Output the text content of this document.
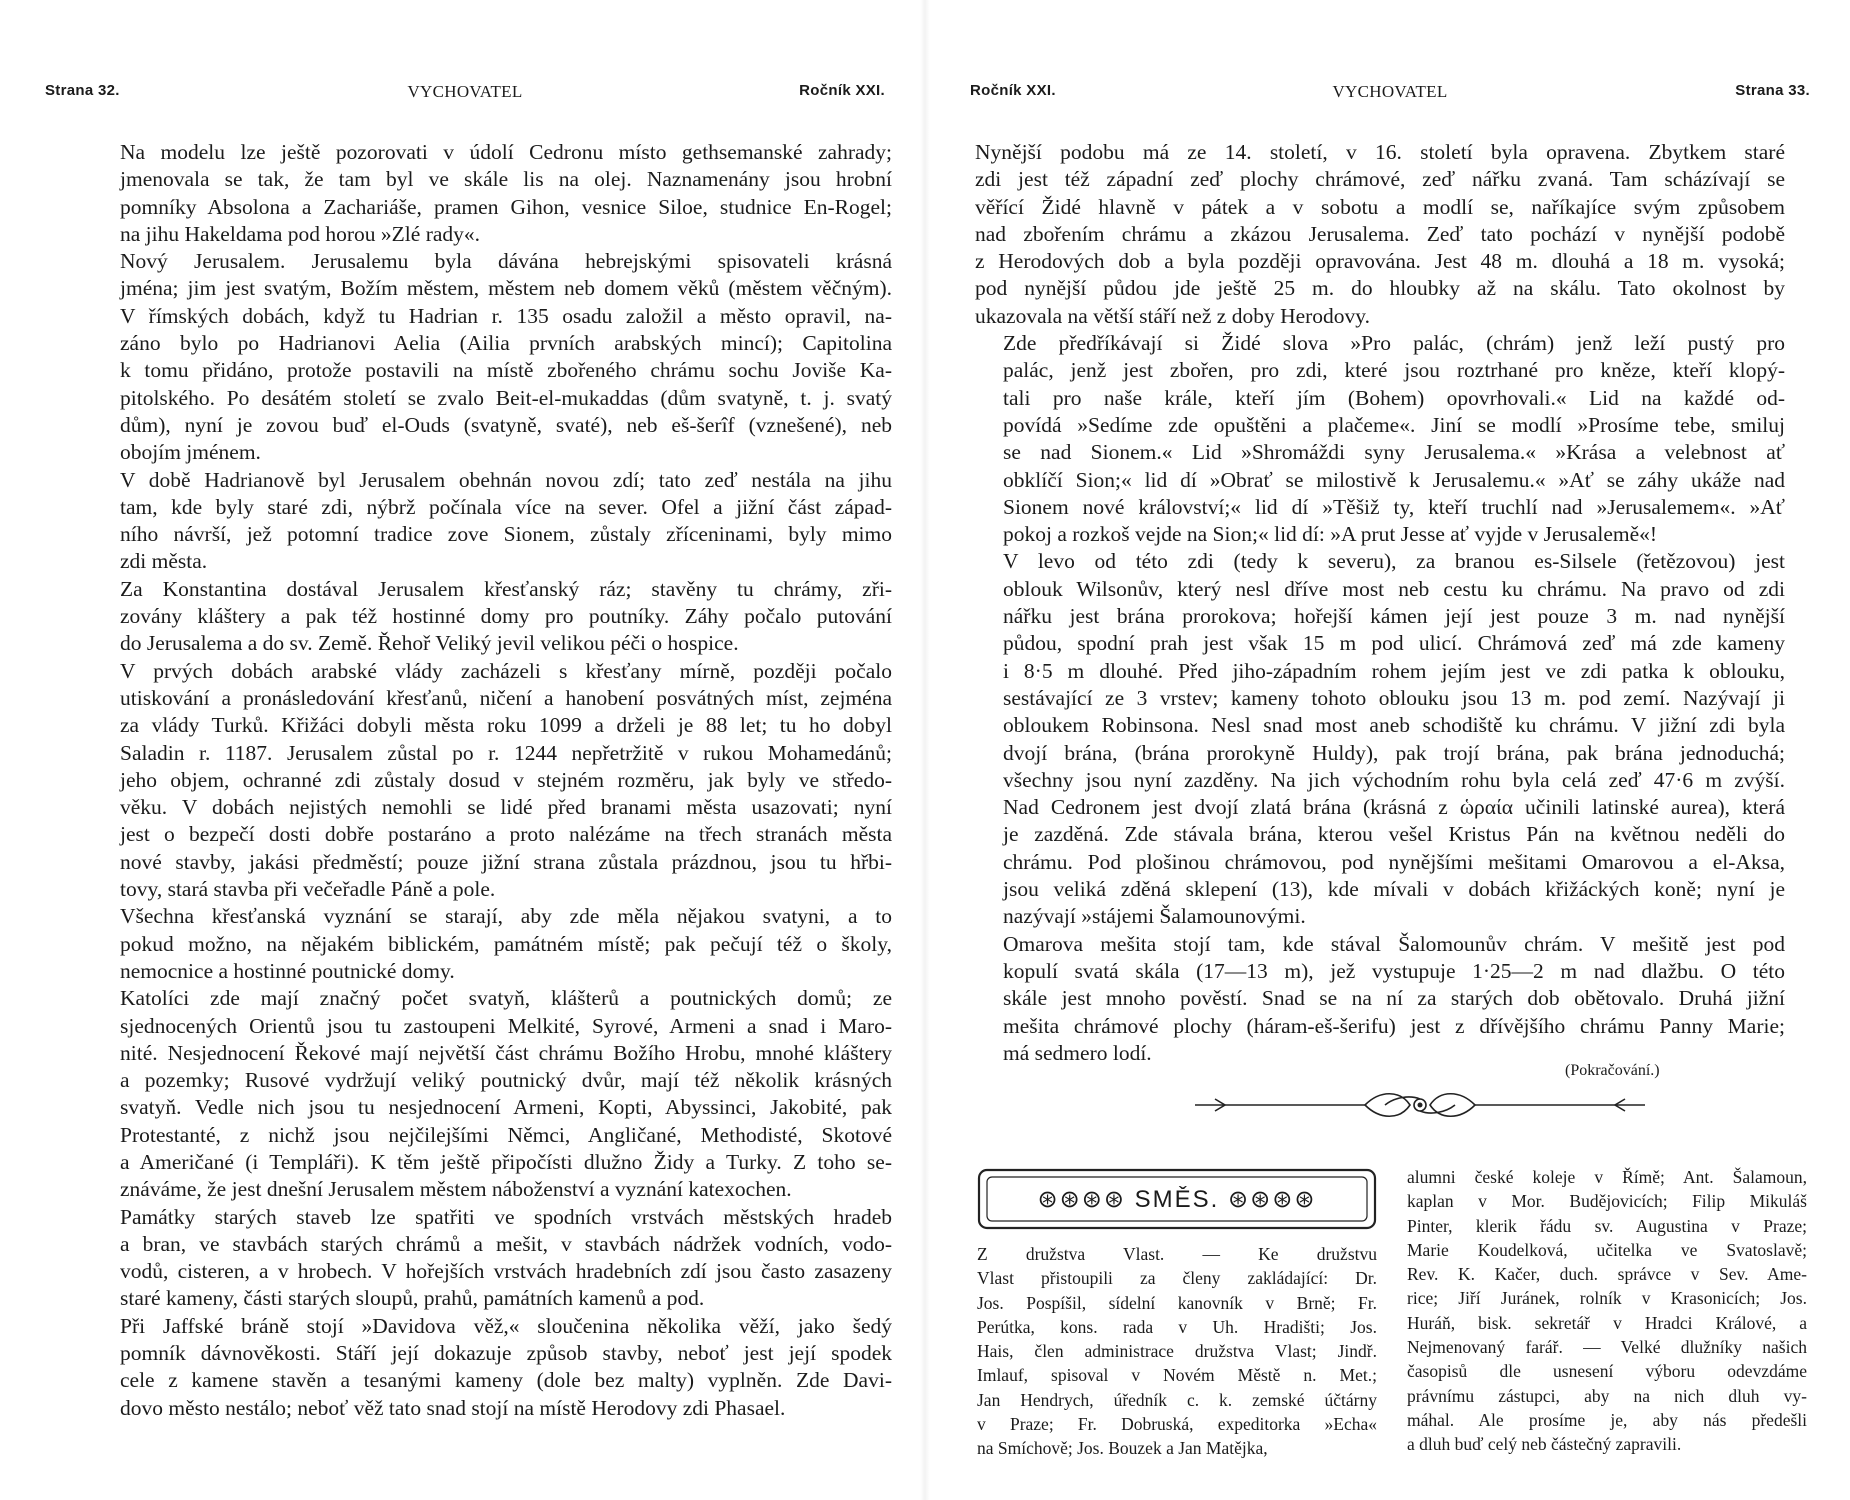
Strana 32.	VYCHOVATEL	Ročník XXI.

Na modelu lze ještě pozorovati v údolí Cedronu místo gethsemanské zahrady;
jmenovala se tak, že tam byl ve skále lis na olej. Naznamenány jsou hrobní
pomníky Absolona a Zachariáše, pramen Gihon, vesnice Siloe, studnice En-Rogel;
na jihu Hakeldama pod horou »Zlé rady«.

Nový Jerusalem. Jerusalemu byla dávána hebrejskými spisovateli krásná
jména; jim jest svatým, Božím městem, městem neb domem věků (městem věčným).
V římských dobách, když tu Hadrian r. 135 osadu založil a město opravil, na-
záno bylo po Hadrianovi Aelia (Ailia prvních arabských mincí); Capitolina
k tomu přidáno, protože postavili na místě zbořeného chrámu sochu Joviše Ka-
pitolského. Po desátém století se zvalo Beit-el-mukaddas (dům svatyně, t. j. svatý
dům), nyní je zovou buď el-Ouds (svatyně, svaté), neb eš-šerîf (vznešené), neb
obojím jménem.

V době Hadrianově byl Jerusalem obehnán novou zdí; tato zeď nestála na jihu
tam, kde byly staré zdi, nýbrž počínala více na sever. Ofel a jižní část západ-
ního návrší, jež potomní tradice zove Sionem, zůstaly zříceninami, byly mimo
zdi města.

Za Konstantina dostával Jerusalem křesťanský ráz; stavěny tu chrámy, zři-
zovány kláštery a pak též hostinné domy pro poutníky. Záhy počalo putování
do Jerusalema a do sv. Země. Řehoř Veliký jevil velikou péči o hospice.

V prvých dobách arabské vlády zacházeli s křesťany mírně, později počalo
utiskování a pronásledování křesťanů, ničení a hanobení posvátných míst, zejména
za vlády Turků. Křižáci dobyli města roku 1099 a drželi je 88 let; tu ho dobyl
Saladin r. 1187. Jerusalem zůstal po r. 1244 nepřetržitě v rukou Mohamedánů;
jeho objem, ochranné zdi zůstaly dosud v stejném rozměru, jak byly ve středo-
věku. V dobách nejistých nemohli se lidé před branami města usazovati; nyní
jest o bezpečí dosti dobře postaráno a proto nalézáme na třech stranách města
nové stavby, jakási předměstí; pouze jižní strana zůstala prázdnou, jsou tu hřbi-
tovy, stará stavba při večeřadle Páně a pole.

Všechna křesťanská vyznání se starají, aby zde měla nějakou svatyni, a to
pokud možno, na nějakém biblickém, památném místě; pak pečují též o školy,
nemocnice a hostinné poutnické domy.

Katolíci zde mají značný počet svatyň, klášterů a poutnických domů; ze
sjednocených Orientů jsou tu zastoupeni Melkité, Syrové, Armeni a snad i Maro-
nité. Nesjednocení Řekové mají největší část chrámu Božího Hrobu, mnohé kláštery
a pozemky; Rusové vydržují veliký poutnický dvůr, mají též několik krásných
svatyň. Vedle nich jsou tu nesjednocení Armeni, Kopti, Abyssinci, Jakobité, pak
Protestanté, z nichž jsou nejčilejšími Němci, Angličané, Methodisté, Skotové
a Američané (i Templáři). K těm ještě připočísti dlužno Židy a Turky. Z toho se-
znáváme, že jest dnešní Jerusalem městem náboženství a vyznání katexochen.

Památky starých staveb lze spatřiti ve spodních vrstvách městských hradeb
a bran, ve stavbách starých chrámů a mešit, v stavbách nádržek vodních, vodo-
vodů, cisteren, a v hrobech. V hořejších vrstvách hradebních zdí jsou často zasazeny
staré kameny, části starých sloupů, prahů, památních kamenů a pod.

Při Jaffské bráně stojí »Davidova věž,« sloučenina několika věží, jako šedý
pomník dávnověkosti. Stáří její dokazuje způsob stavby, neboť jest její spodek
cele z kamene stavěn a tesanými kameny (dole bez malty) vyplněn. Zde Davi-
dovo město nestálo; neboť věž tato snad stojí na místě Herodovy zdi Phasael.

Ročník XXI.	VYCHOVATEL	Strana 33.

Nynější podobu má ze 14. století, v 16. století byla opravena. Zbytkem staré
zdi jest též západní zeď plochy chrámové, zeď nářku zvaná. Tam scházívají se
věřící Židé hlavně v pátek a v sobotu a modlí se, naříkajíce svým způsobem
nad zbořením chrámu a zkázou Jerusalema. Zeď tato pochází v nynější podobě
z Herodových dob a byla později opravována. Jest 48 m. dlouhá a 18 m. vysoká;
pod nynější půdou jde ještě 25 m. do hloubky až na skálu. Tato okolnost by
ukazovala na větší stáří než z doby Herodovy.

Zde předříkávají si Židé slova »Pro palác, (chrám) jenž leží pustý pro
palác, jenž jest zbořen, pro zdi, které jsou roztrhané pro kněze, kteří klopý-
tali pro naše krále, kteří jím (Bohem) opovrhovali.« Lid na každé od-
povídá »Sedíme zde opuštěni a plačeme«. Jiní se modlí »Prosíme tebe, smiluj
se nad Sionem.« Lid »Shromáždi syny Jerusalema.« »Krása a velebnost ať
obklíčí Sion;« lid dí »Obrať se milostivě k Jerusalemu.« »Ať se záhy ukáže nad
Sionem nové království;« lid dí »Těšiž ty, kteří truchlí nad »Jerusalemem«. »Ať
pokoj a rozkoš vejde na Sion;« lid dí: »A prut Jesse ať vyjde v Jerusalemě«!

V levo od této zdi (tedy k severu), za branou es-Silsele (řetězovou) jest
oblouk Wilsonův, který nesl dříve most neb cestu ku chrámu. Na pravo od zdi
nářku jest brána prorokova; hořejší kámen její jest pouze 3 m. nad nynější
půdou, spodní prah jest však 15 m pod ulicí. Chrámová zeď má zde kameny
i 8·5 m dlouhé. Před jiho-západním rohem jejím jest ve zdi patka k oblouku,
sestávající ze 3 vrstev; kameny tohoto oblouku jsou 13 m. pod zemí. Nazývají ji
obloukem Robinsona. Nesl snad most aneb schodiště ku chrámu. V jižní zdi byla
dvojí brána, (brána prorokyně Huldy), pak trojí brána, pak brána jednoduchá;
všechny jsou nyní zazděny. Na jich východním rohu byla celá zeď 47·6 m zvýší.
Nad Cedronem jest dvojí zlatá brána (krásná z ὡραία učinili latinské aurea), která
je zazděná. Zde stávala brána, kterou vešel Kristus Pán na květnou neděli do
chrámu. Pod plošinou chrámovou, pod nynějšími mešitami Omarovou a el-Aksa,
jsou veliká zděná sklepení (13), kde mívali v dobách křižáckých koně; nyní je
nazývají »stájemi Šalamounovými.

Omarova mešita stojí tam, kde stával Šalomounův chrám. V mešitě jest pod
kopulí svatá skála (17—13 m), jež vystupuje 1·25—2 m nad dlažbu. O této
skále jest mnoho pověstí. Snad se na ní za starých dob obětovalo. Druhá jižní
mešita chrámové plochy (háram-eš-šerifu) jest z dřívějšího chrámu Panny Marie;
má sedmero lodí.

(Pokračování.)
⊛⊛⊛⊛ SMĚS. ⊛⊛⊛⊛
Z družstva Vlast. — Ke družstvu
Vlast přistoupili za členy zakládající: Dr.
Jos. Pospíšil, sídelní kanovník v Brně; Fr.
Perútka, kons. rada v Uh. Hradišti; Jos.
Hais, člen administrace družstva Vlast; Jindř.
Imlauf, spisoval v Novém Městě n. Met.;
Jan Hendrych, úředník c. k. zemské účtárny
v Praze; Fr. Dobruská, expeditorka »Echa«
na Smíchově; Jos. Bouzek a Jan Matějka,
alumni české koleje v Římě; Ant. Šalamoun,
kaplan v Mor. Budějovicích; Filip Mikuláš
Pinter, klerik řádu sv. Augustina v Praze;
Marie Koudelková, učitelka ve Svatoslavě;
Rev. K. Kačer, duch. správce v Sev. Ame-
rice; Jiří Juránek, rolník v Krasonicích; Jos.
Huráň, bisk. sekretář v Hradci Králové, a
Nejmenovaný farář. — Velké dlužníky našich
časopisů dle usnesení výboru odevzdáme
právnímu zástupci, aby na nich dluh vy-
máhal. Ale prosíme je, aby nás předešli
a dluh buď celý neb částečný zapravili.
